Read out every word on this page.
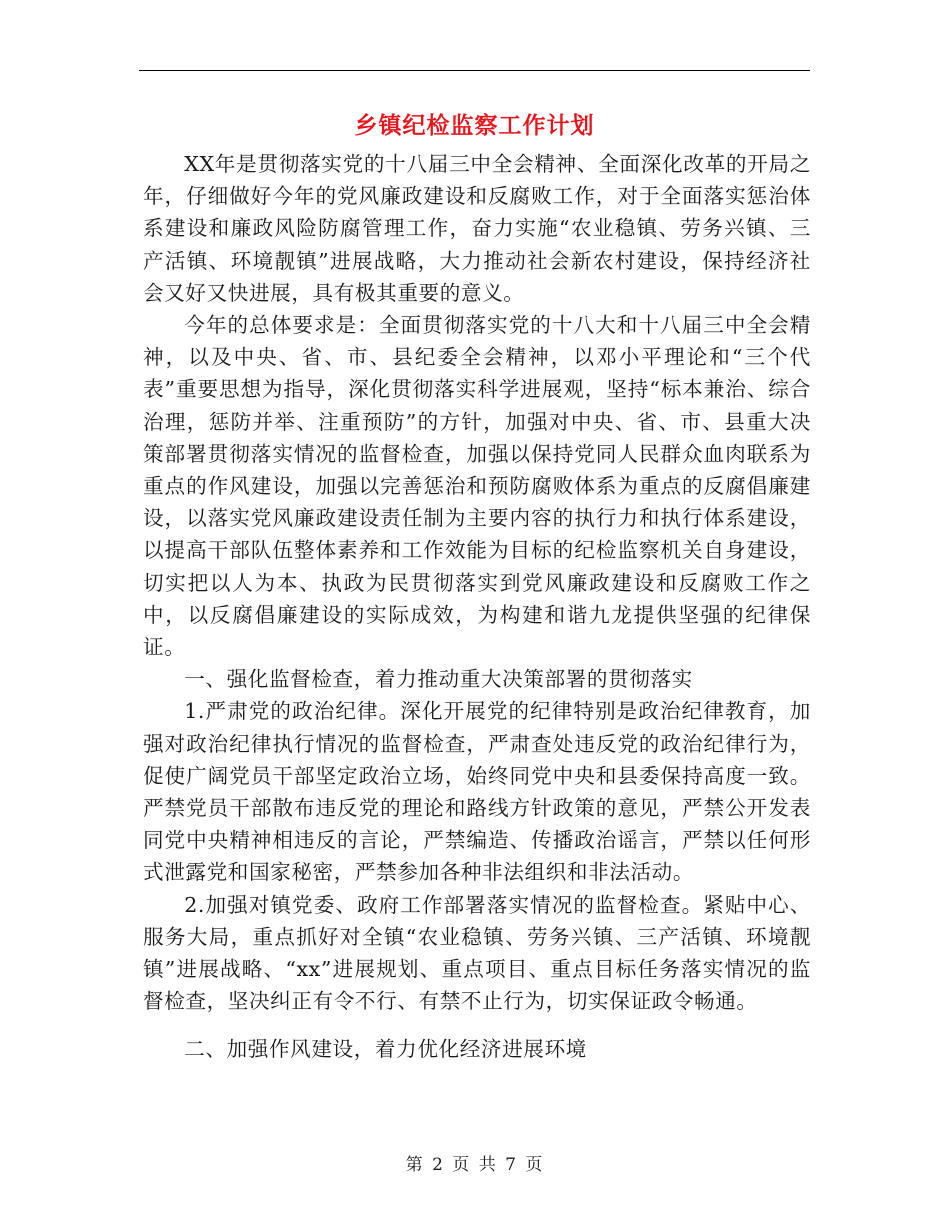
乡镇纪检监察工作计划

XX年是贯彻落实党的十八届三中全会精神、全面深化改革的开局之年，仔细做好今年的党风廉政建设和反腐败工作，对于全面落实惩治体系建设和廉政风险防腐管理工作，奋力实施“农业稳镇、劳务兴镇、三产活镇、环境靓镇”进展战略，大力推动社会新农村建设，保持经济社会又好又快进展，具有极其重要的意义。

今年的总体要求是：全面贯彻落实党的十八大和十八届三中全会精神，以及中央、省、市、县纪委全会精神，以邓小平理论和“三个代表”重要思想为指导，深化贯彻落实科学进展观，坚持“标本兼治、综合治理，惩防并举、注重预防”的方针，加强对中央、省、市、县重大决策部署贯彻落实情况的监督检查，加强以保持党同人民群众血肉联系为重点的作风建设，加强以完善惩治和预防腐败体系为重点的反腐倡廉建设，以落实党风廉政建设责任制为主要内容的执行力和执行体系建设，以提高干部队伍整体素养和工作效能为目标的纪检监察机关自身建设，切实把以人为本、执政为民贯彻落实到党风廉政建设和反腐败工作之中，以反腐倡廉建设的实际成效，为构建和谐九龙提供坚强的纪律保证。

一、强化监督检查，着力推动重大决策部署的贯彻落实

1.严肃党的政治纪律。深化开展党的纪律特别是政治纪律教育，加强对政治纪律执行情况的监督检查，严肃查处违反党的政治纪律行为，促使广阔党员干部坚定政治立场，始终同党中央和县委保持高度一致。严禁党员干部散布违反党的理论和路线方针政策的意见，严禁公开发表同党中央精神相违反的言论，严禁编造、传播政治谣言，严禁以任何形式泄露党和国家秘密，严禁参加各种非法组织和非法活动。

2.加强对镇党委、政府工作部署落实情况的监督检查。紧贴中心、服务大局，重点抓好对全镇“农业稳镇、劳务兴镇、三产活镇、环境靓镇”进展战略、“xx”进展规划、重点项目、重点目标任务落实情况的监督检查，坚决纠正有令不行、有禁不止行为，切实保证政令畅通。

二、加强作风建设，着力优化经济进展环境

第 2 页 共 7 页
